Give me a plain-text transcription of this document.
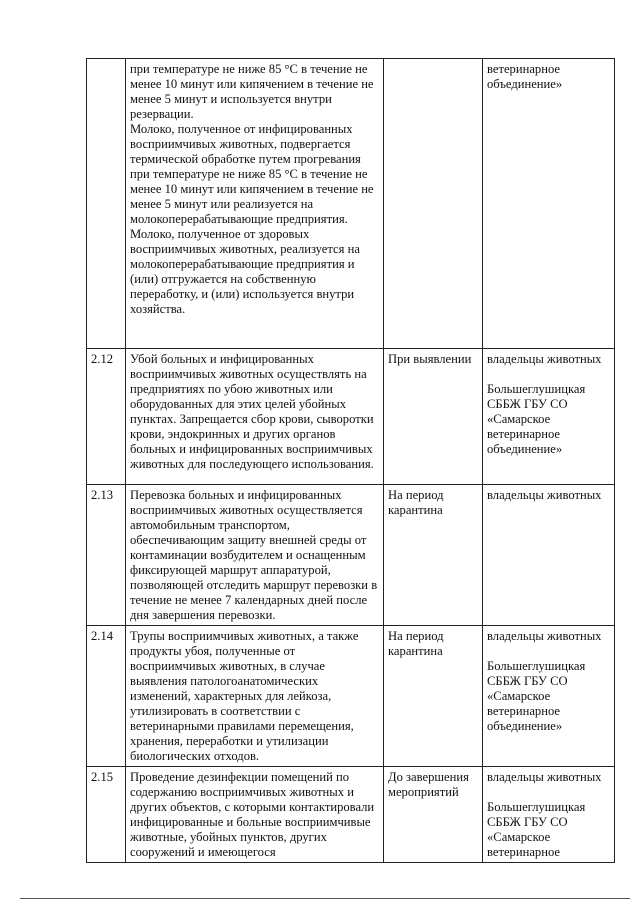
	при температуре не ниже 85 °С в течение не менее 10 минут или кипячением в течение не менее 5 минут и используется внутри резервации.
Молоко, полученное от инфицированных восприимчивых животных, подвергается термической обработке путем прогревания при температуре не ниже 85 °С в течение не менее 10 минут или кипячением в течение не менее 5 минут или реализуется на молокоперерабатывающие предприятия.
Молоко, полученное от здоровых восприимчивых животных, реализуется на молокоперерабатывающие предприятия и (или) отгружается на собственную переработку, и (или) используется внутри хозяйства.		ветеринарное объединение»
2.12	Убой больных и инфицированных восприимчивых животных осуществлять на предприятиях по убою животных или оборудованных для этих целей убойных пунктах. Запрещается сбор крови, сыворотки крови, эндокринных и других органов больных и инфицированных восприимчивых животных для последующего использования.	При выявлении	владельцы животных

Большеглушицкая СББЖ ГБУ СО «Самарское ветеринарное объединение»
2.13	Перевозка больных и инфицированных восприимчивых животных осуществляется автомобильным транспортом, обеспечивающим защиту внешней среды от контаминации возбудителем и оснащенным фиксирующей маршрут аппаратурой, позволяющей отследить маршрут перевозки в течение не менее 7 календарных дней после дня завершения перевозки.	На период карантина	владельцы животных
2.14	Трупы восприимчивых животных, а также продукты убоя, полученные от восприимчивых животных, в случае выявления патологоанатомических изменений, характерных для лейкоза, утилизировать в соответствии с ветеринарными правилами перемещения, хранения, переработки и утилизации биологических отходов.	На период карантина	владельцы животных

Большеглушицкая СББЖ ГБУ СО «Самарское ветеринарное объединение»
2.15	Проведение дезинфекции помещений по содержанию восприимчивых животных и других объектов, с которыми контактировали инфицированные и больные восприимчивые животные, убойных пунктов, других сооружений и имеющегося	До завершения мероприятий	владельцы животных

Большеглушицкая СББЖ ГБУ СО «Самарское ветеринарное
